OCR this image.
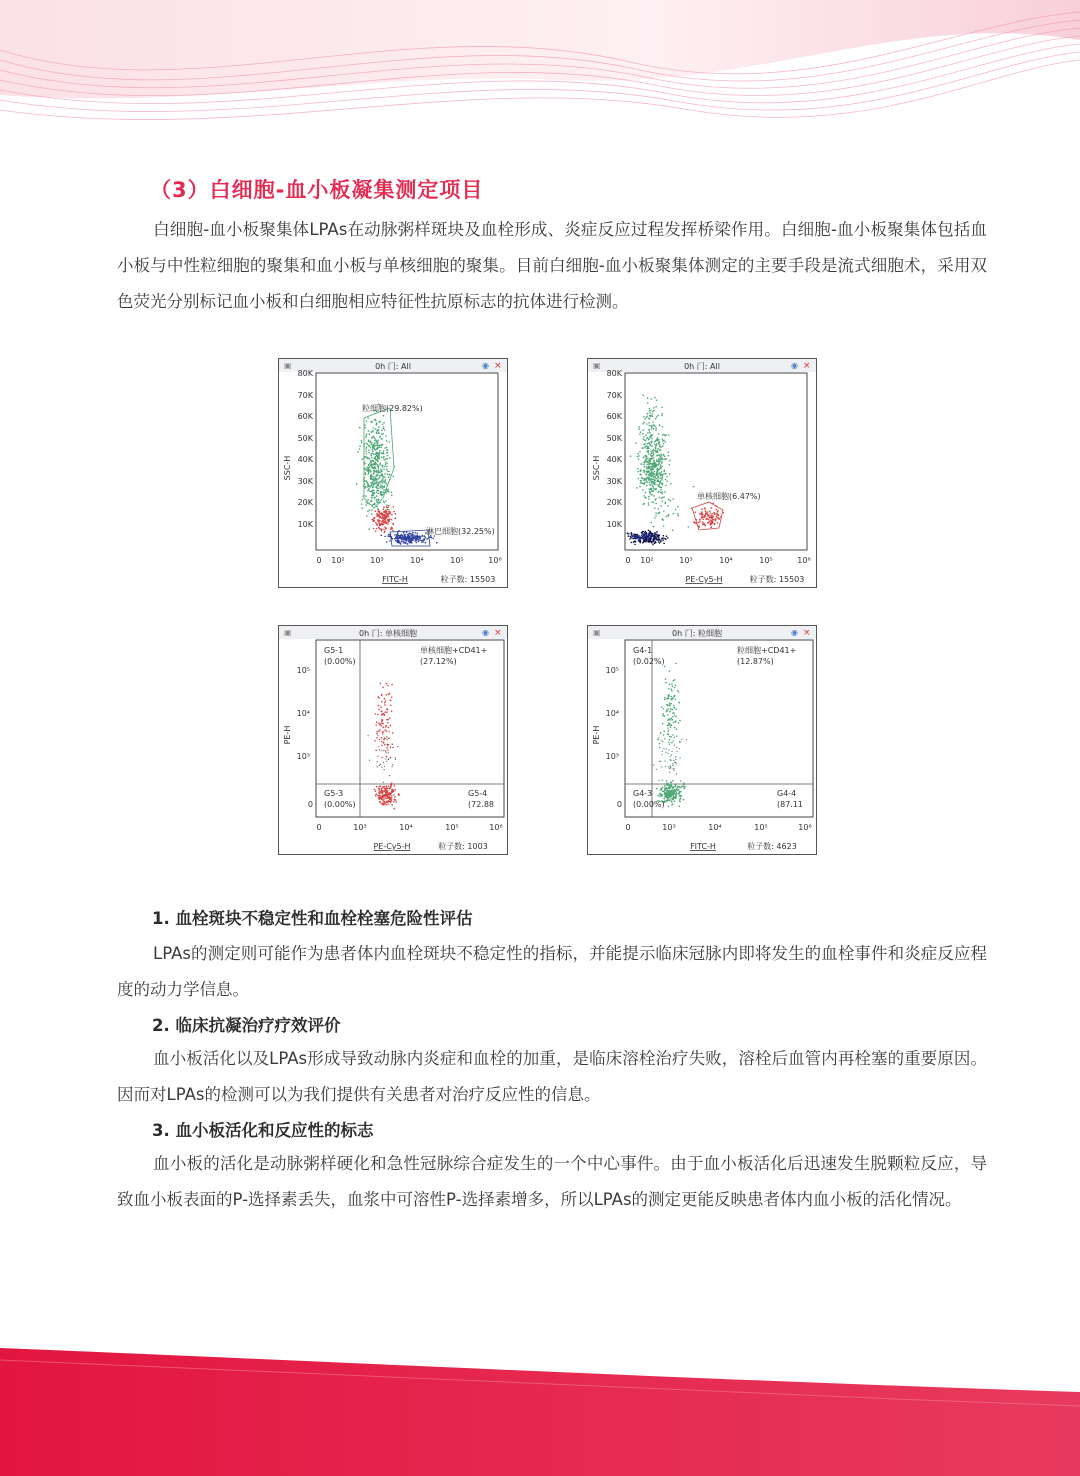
（3）白细胞-血小板凝集测定项目
白细胞-血小板聚集体LPAs在动脉粥样斑块及血栓形成、炎症反应过程发挥桥梁作用。白细胞-血小板聚集体包括血小板与中性粒细胞的聚集和血小板与单核细胞的聚集。目前白细胞-血小板聚集体测定的主要手段是流式细胞术，采用双色荧光分别标记血小板和白细胞相应特征性抗原标志的抗体进行检测。
0h 门: All
▣	◉ ×
80K
70K
60K
50K
40K
30K
20K
10K
0 10²	10³	10⁴	10⁵	10⁶
SSC-H
FITC-H	粒子数: 15503
粒细胞(29.82%)
淋巴细胞(32.25%)
0h 门: All
▣	◉ ×
80K
70K
60K
50K
40K
30K
20K
10K
0 10²	10³	10⁴	10⁵	10⁶
SSC-H
PE-Cy5-H	粒子数: 15503
单核细胞(6.47%)
0h 门: 单核细胞
▣	◉ ×
10⁵
10⁴
10³
0
0	10³	10⁴	10⁵	10⁶
PE-H
PE-Cy5-H	粒子数: 1003
G5-1
(0.00%)
单核细胞+CD41+
(27.12%)
G5-3
(0.00%)
G5-4
(72.88
0h 门: 粒细胞
▣	◉ ×
10⁵
10⁴
10³
0
0	10³	10⁴	10⁵	10⁶
PE-H
FITC-H	粒子数: 4623
G4-1
(0.02%)
粒细胞+CD41+
(12.87%)
G4-3
(0.00%)
G4-4
(87.11
1. 血栓斑块不稳定性和血栓栓塞危险性评估
LPAs的测定则可能作为患者体内血栓斑块不稳定性的指标，并能提示临床冠脉内即将发生的血栓事件和炎症反应程度的动力学信息。
2. 临床抗凝治疗疗效评价
血小板活化以及LPAs形成导致动脉内炎症和血栓的加重，是临床溶栓治疗失败，溶栓后血管内再栓塞的重要原因。因而对LPAs的检测可以为我们提供有关患者对治疗反应性的信息。
3. 血小板活化和反应性的标志
血小板的活化是动脉粥样硬化和急性冠脉综合症发生的一个中心事件。由于血小板活化后迅速发生脱颗粒反应，导致血小板表面的P-选择素丢失，血浆中可溶性P-选择素增多，所以LPAs的测定更能反映患者体内血小板的活化情况。
